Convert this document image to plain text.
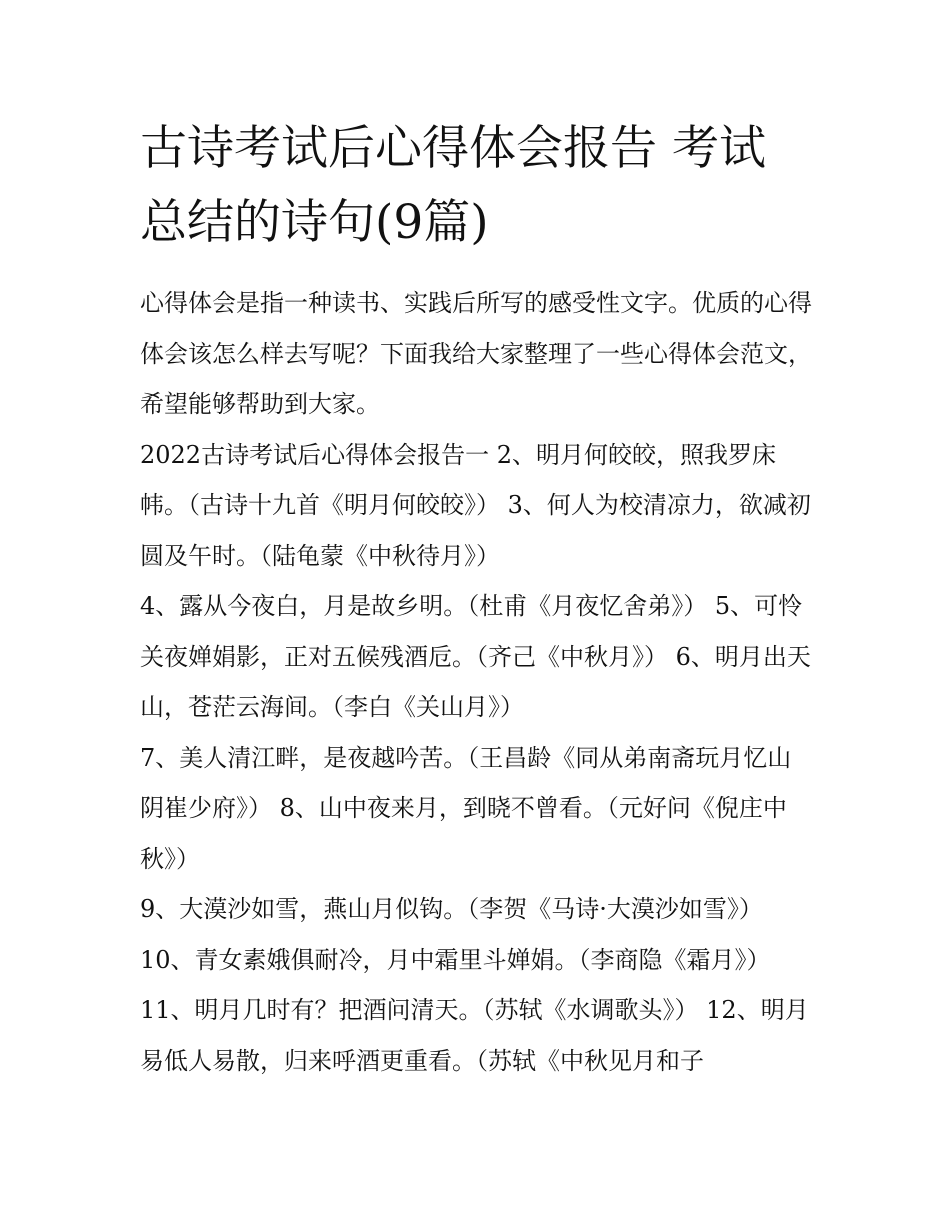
古诗考试后心得体会报告 考试总结的诗句(9篇)

心得体会是指一种读书、实践后所写的感受性文字。优质的心得体会该怎么样去写呢？下面我给大家整理了一些心得体会范文，希望能够帮助到大家。

2022古诗考试后心得体会报告一 2、明月何皎皎，照我罗床帏。（古诗十九首《明月何皎皎》） 3、何人为校清凉力，欲减初圆及午时。（陆龟蒙《中秋待月》）

4、露从今夜白，月是故乡明。（杜甫《月夜忆舍弟》） 5、可怜关夜婵娟影，正对五候残酒卮。（齐己《中秋月》） 6、明月出天山，苍茫云海间。（李白《关山月》）

7、美人清江畔，是夜越吟苦。（王昌龄《同从弟南斋玩月忆山阴崔少府》） 8、山中夜来月，到晓不曾看。（元好问《倪庄中秋》）

9、大漠沙如雪，燕山月似钩。（李贺《马诗·大漠沙如雪》）

10、青女素娥俱耐冷，月中霜里斗婵娟。（李商隐《霜月》）

11、明月几时有？把酒问清天。（苏轼《水调歌头》） 12、明月易低人易散，归来呼酒更重看。（苏轼《中秋见月和子
